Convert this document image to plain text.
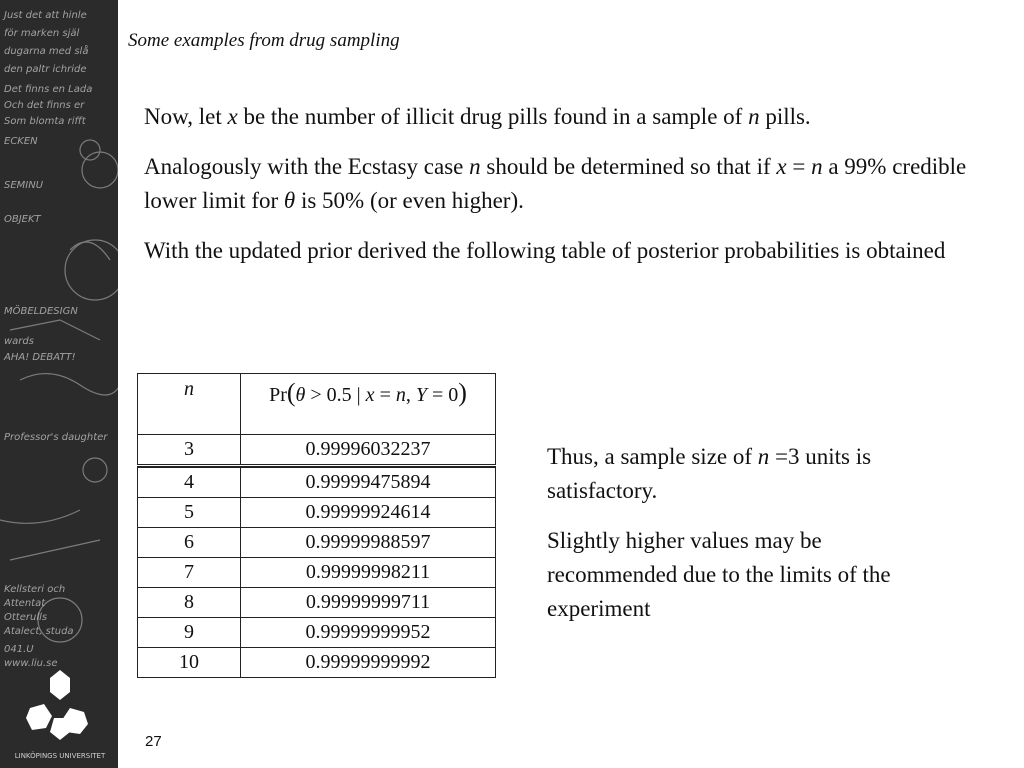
Just det att hinle
för marken själ
dugarna med slå
den paltr ichride
Det finns en Lada
Och det finns er
Som blomta rifft
ECKEN
SEMINU
OBJEKT
MÖBELDESIGN
wards
AHA! DEBATT!
Professor's daughter
Kellsteri och
Attentat
Otterulls
Atalect, studa
041.U
www.liu.se
LINKÖPINGS UNIVERSITET
Some examples from drug sampling

Now, let x be the number of illicit drug pills found in a sample of n pills.

Analogously with the Ecstasy case n should be determined so that if x = n a 99% credible lower limit for θ is 50% (or even higher).

With the updated prior derived the following table of posterior probabilities is obtained

n	Pr(θ > 0.5 | x = n, Y = 0)
3	0.99996032237

4	0.99999475894
5	0.99999924614
6	0.99999988597
7	0.99999998211
8	0.99999999711
9	0.99999999952
10	0.99999999992

Thus, a sample size of n =3 units is satisfactory.

Slightly higher values may be recommended due to the limits of the experiment

27
